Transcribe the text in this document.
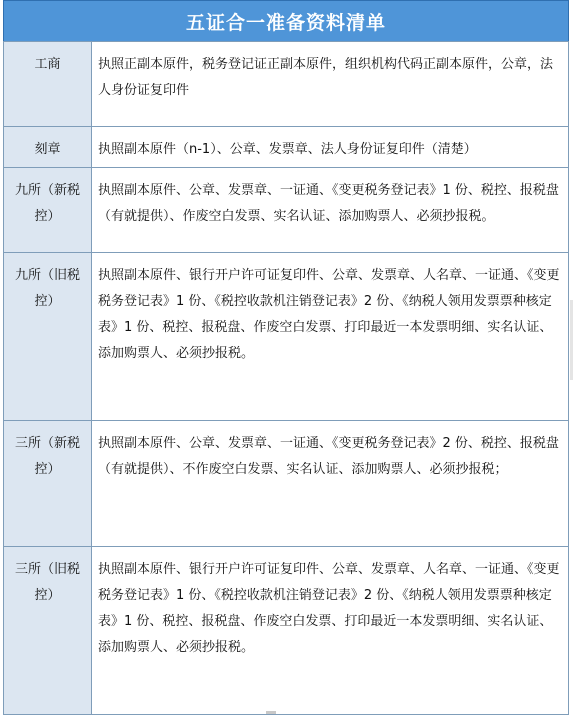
五证合一准备资料清单
工商	执照正副本原件，税务登记证正副本原件，组织机构代码正副本原件，公章，法人身份证复印件
刻章	执照副本原件（n-1）、公章、发票章、法人身份证复印件（清楚）
九所（新税控）	执照副本原件、公章、发票章、一证通、《变更税务登记表》1 份、税控、报税盘（有就提供）、作废空白发票、实名认证、添加购票人、必须抄报税。
九所（旧税控）	执照副本原件、银行开户许可证复印件、公章、发票章、人名章、一证通、《变更税务登记表》1 份、《税控收款机注销登记表》2 份、《纳税人领用发票票种核定表》1 份、税控、报税盘、作废空白发票、打印最近一本发票明细、实名认证、添加购票人、必须抄报税。
三所（新税控）	执照副本原件、公章、发票章、一证通、《变更税务登记表》2 份、税控、报税盘（有就提供）、不作废空白发票、实名认证、添加购票人、必须抄报税；
三所（旧税控）	执照副本原件、银行开户许可证复印件、公章、发票章、人名章、一证通、《变更税务登记表》1 份、《税控收款机注销登记表》2 份、《纳税人领用发票票种核定表》1 份、税控、报税盘、作废空白发票、打印最近一本发票明细、实名认证、添加购票人、必须抄报税。
